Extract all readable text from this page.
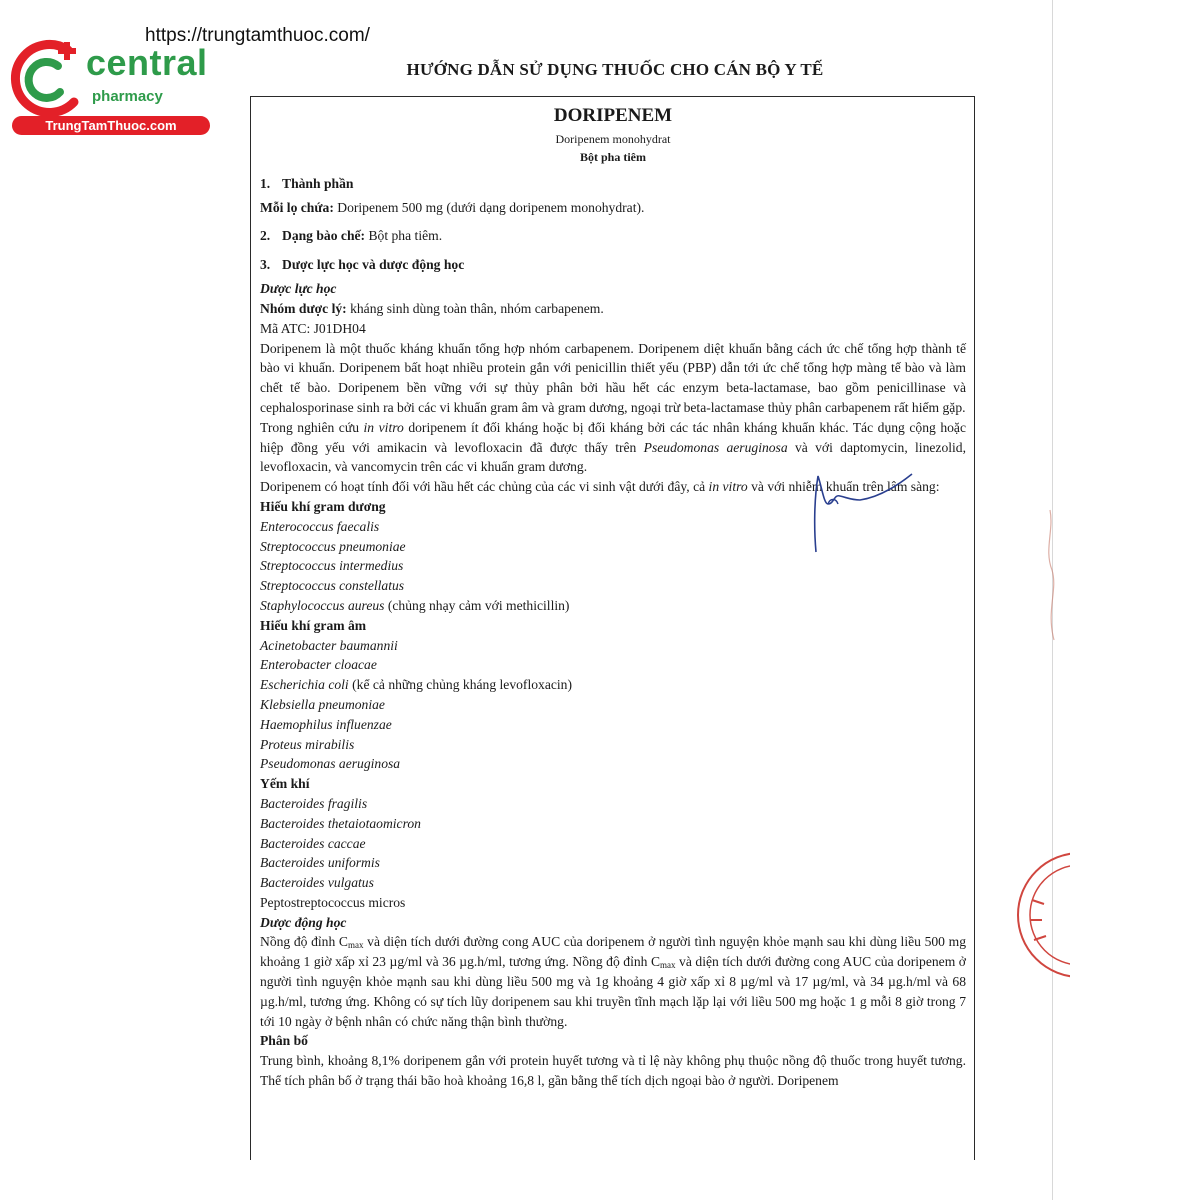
central
pharmacy
TrungTamThuoc.com
https://trungtamthuoc.com/
HƯỚNG DẪN SỬ DỤNG THUỐC CHO CÁN BỘ Y TẾ
DORIPENEM
Doripenem monohydrat
Bột pha tiêm

1. Thành phần

Mỗi lọ chứa: Doripenem 500 mg (dưới dạng doripenem monohydrat).

2. Dạng bào chế: Bột pha tiêm.

3. Dược lực học và dược động học

Dược lực học

Nhóm dược lý: kháng sinh dùng toàn thân, nhóm carbapenem.

Mã ATC: J01DH04

Doripenem là một thuốc kháng khuẩn tổng hợp nhóm carbapenem. Doripenem diệt khuẩn bằng cách ức chế tổng hợp thành tế bào vi khuẩn. Doripenem bất hoạt nhiều protein gắn với penicillin thiết yếu (PBP) dẫn tới ức chế tổng hợp màng tế bào và làm chết tế bào. Doripenem bền vững với sự thủy phân bởi hầu hết các enzym beta-lactamase, bao gồm penicillinase và cephalosporinase sinh ra bởi các vi khuẩn gram âm và gram dương, ngoại trừ beta-lactamase thủy phân carbapenem rất hiếm gặp.

Trong nghiên cứu in vitro doripenem ít đối kháng hoặc bị đối kháng bởi các tác nhân kháng khuẩn khác. Tác dụng cộng hoặc hiệp đồng yếu với amikacin và levofloxacin đã được thấy trên Pseudomonas aeruginosa và với daptomycin, linezolid, levofloxacin, và vancomycin trên các vi khuẩn gram dương.

Doripenem có hoạt tính đối với hầu hết các chủng của các vi sinh vật dưới đây, cả in vitro và với nhiễm khuẩn trên lâm sàng:

Hiếu khí gram dương

Enterococcus faecalis

Streptococcus pneumoniae

Streptococcus intermedius

Streptococcus constellatus

Staphylococcus aureus (chủng nhạy cảm với methicillin)

Hiếu khí gram âm

Acinetobacter baumannii

Enterobacter cloacae

Escherichia coli (kể cả những chủng kháng levofloxacin)

Klebsiella pneumoniae

Haemophilus influenzae

Proteus mirabilis

Pseudomonas aeruginosa

Yếm khí

Bacteroides fragilis

Bacteroides thetaiotaomicron

Bacteroides caccae

Bacteroides uniformis

Bacteroides vulgatus

Peptostreptococcus micros

Dược động học

Nồng độ đỉnh $C_{max}$ và diện tích dưới đường cong AUC của doripenem ở người tình nguyện khỏe mạnh sau khi dùng liều 500 mg khoảng 1 giờ xấp xỉ 23 µg/ml và 36 µg.h/ml, tương ứng. Nồng độ đỉnh $C_{max}$ và diện tích dưới đường cong AUC của doripenem ở người tình nguyện khỏe mạnh sau khi dùng liều 500 mg và 1g khoảng 4 giờ xấp xỉ 8 µg/ml và 17 µg/ml, và 34 µg.h/ml và 68 µg.h/ml, tương ứng. Không có sự tích lũy doripenem sau khi truyền tĩnh mạch lặp lại với liều 500 mg hoặc 1 g mỗi 8 giờ trong 7 tới 10 ngày ở bệnh nhân có chức năng thận bình thường.

Phân bố

Trung bình, khoảng 8,1% doripenem gắn với protein huyết tương và tỉ lệ này không phụ thuộc nồng độ thuốc trong huyết tương. Thể tích phân bố ở trạng thái bão hoà khoảng 16,8 l, gần bằng thể tích dịch ngoại bào ở người. Doripenem
